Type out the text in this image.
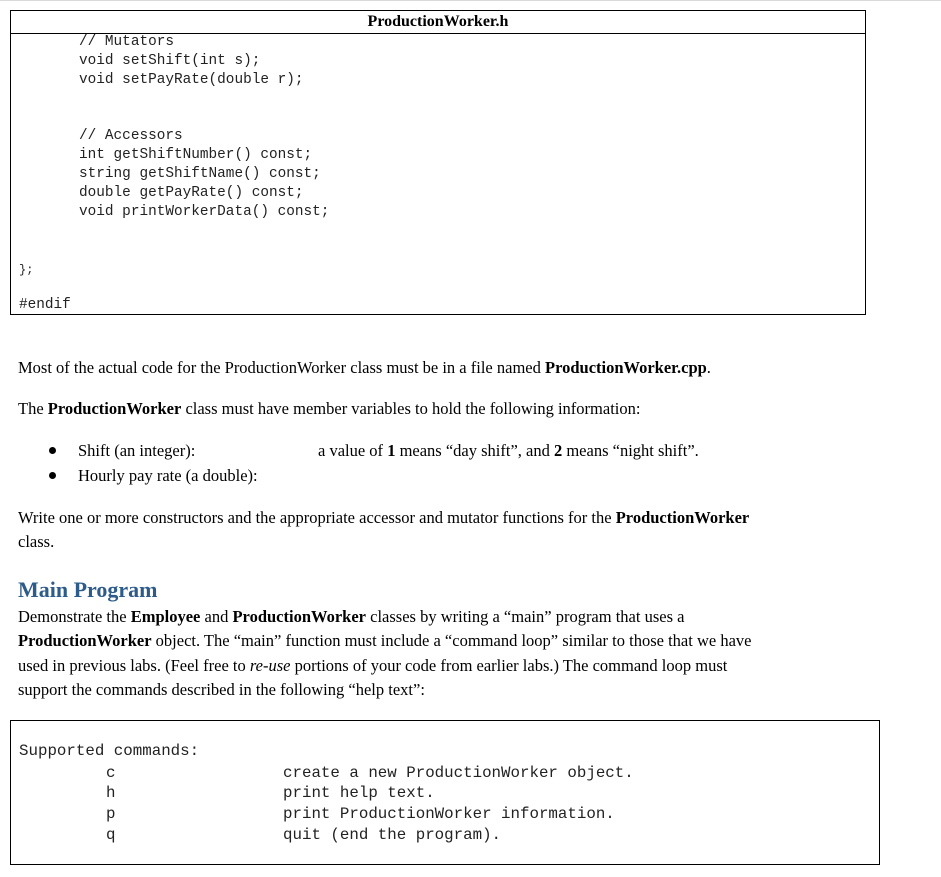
ProductionWorker.h
// Mutators
void setShift(int s);
void setPayRate(double r);
// Accessors
int getShiftNumber() const;
string getShiftName() const;
double getPayRate() const;
void printWorkerData() const;
};
#endif
Most of the actual code for the ProductionWorker class must be in a file named ProductionWorker.cpp.
The ProductionWorker class must have member variables to hold the following information:
Shift (an integer):	a value of 1 means “day shift”, and 2 means “night shift”.
Hourly pay rate (a double):
Write one or more constructors and the appropriate accessor and mutator functions for the ProductionWorker
class.
Main Program
Demonstrate the Employee and ProductionWorker classes by writing a “main” program that uses a
ProductionWorker object. The “main” function must include a “command loop” similar to those that we have
used in previous labs. (Feel free to re-use portions of your code from earlier labs.) The command loop must
support the commands described in the following “help text”:
Supported commands:
c	create a new ProductionWorker object.
h	print help text.
p	print ProductionWorker information.
q	quit (end the program).
